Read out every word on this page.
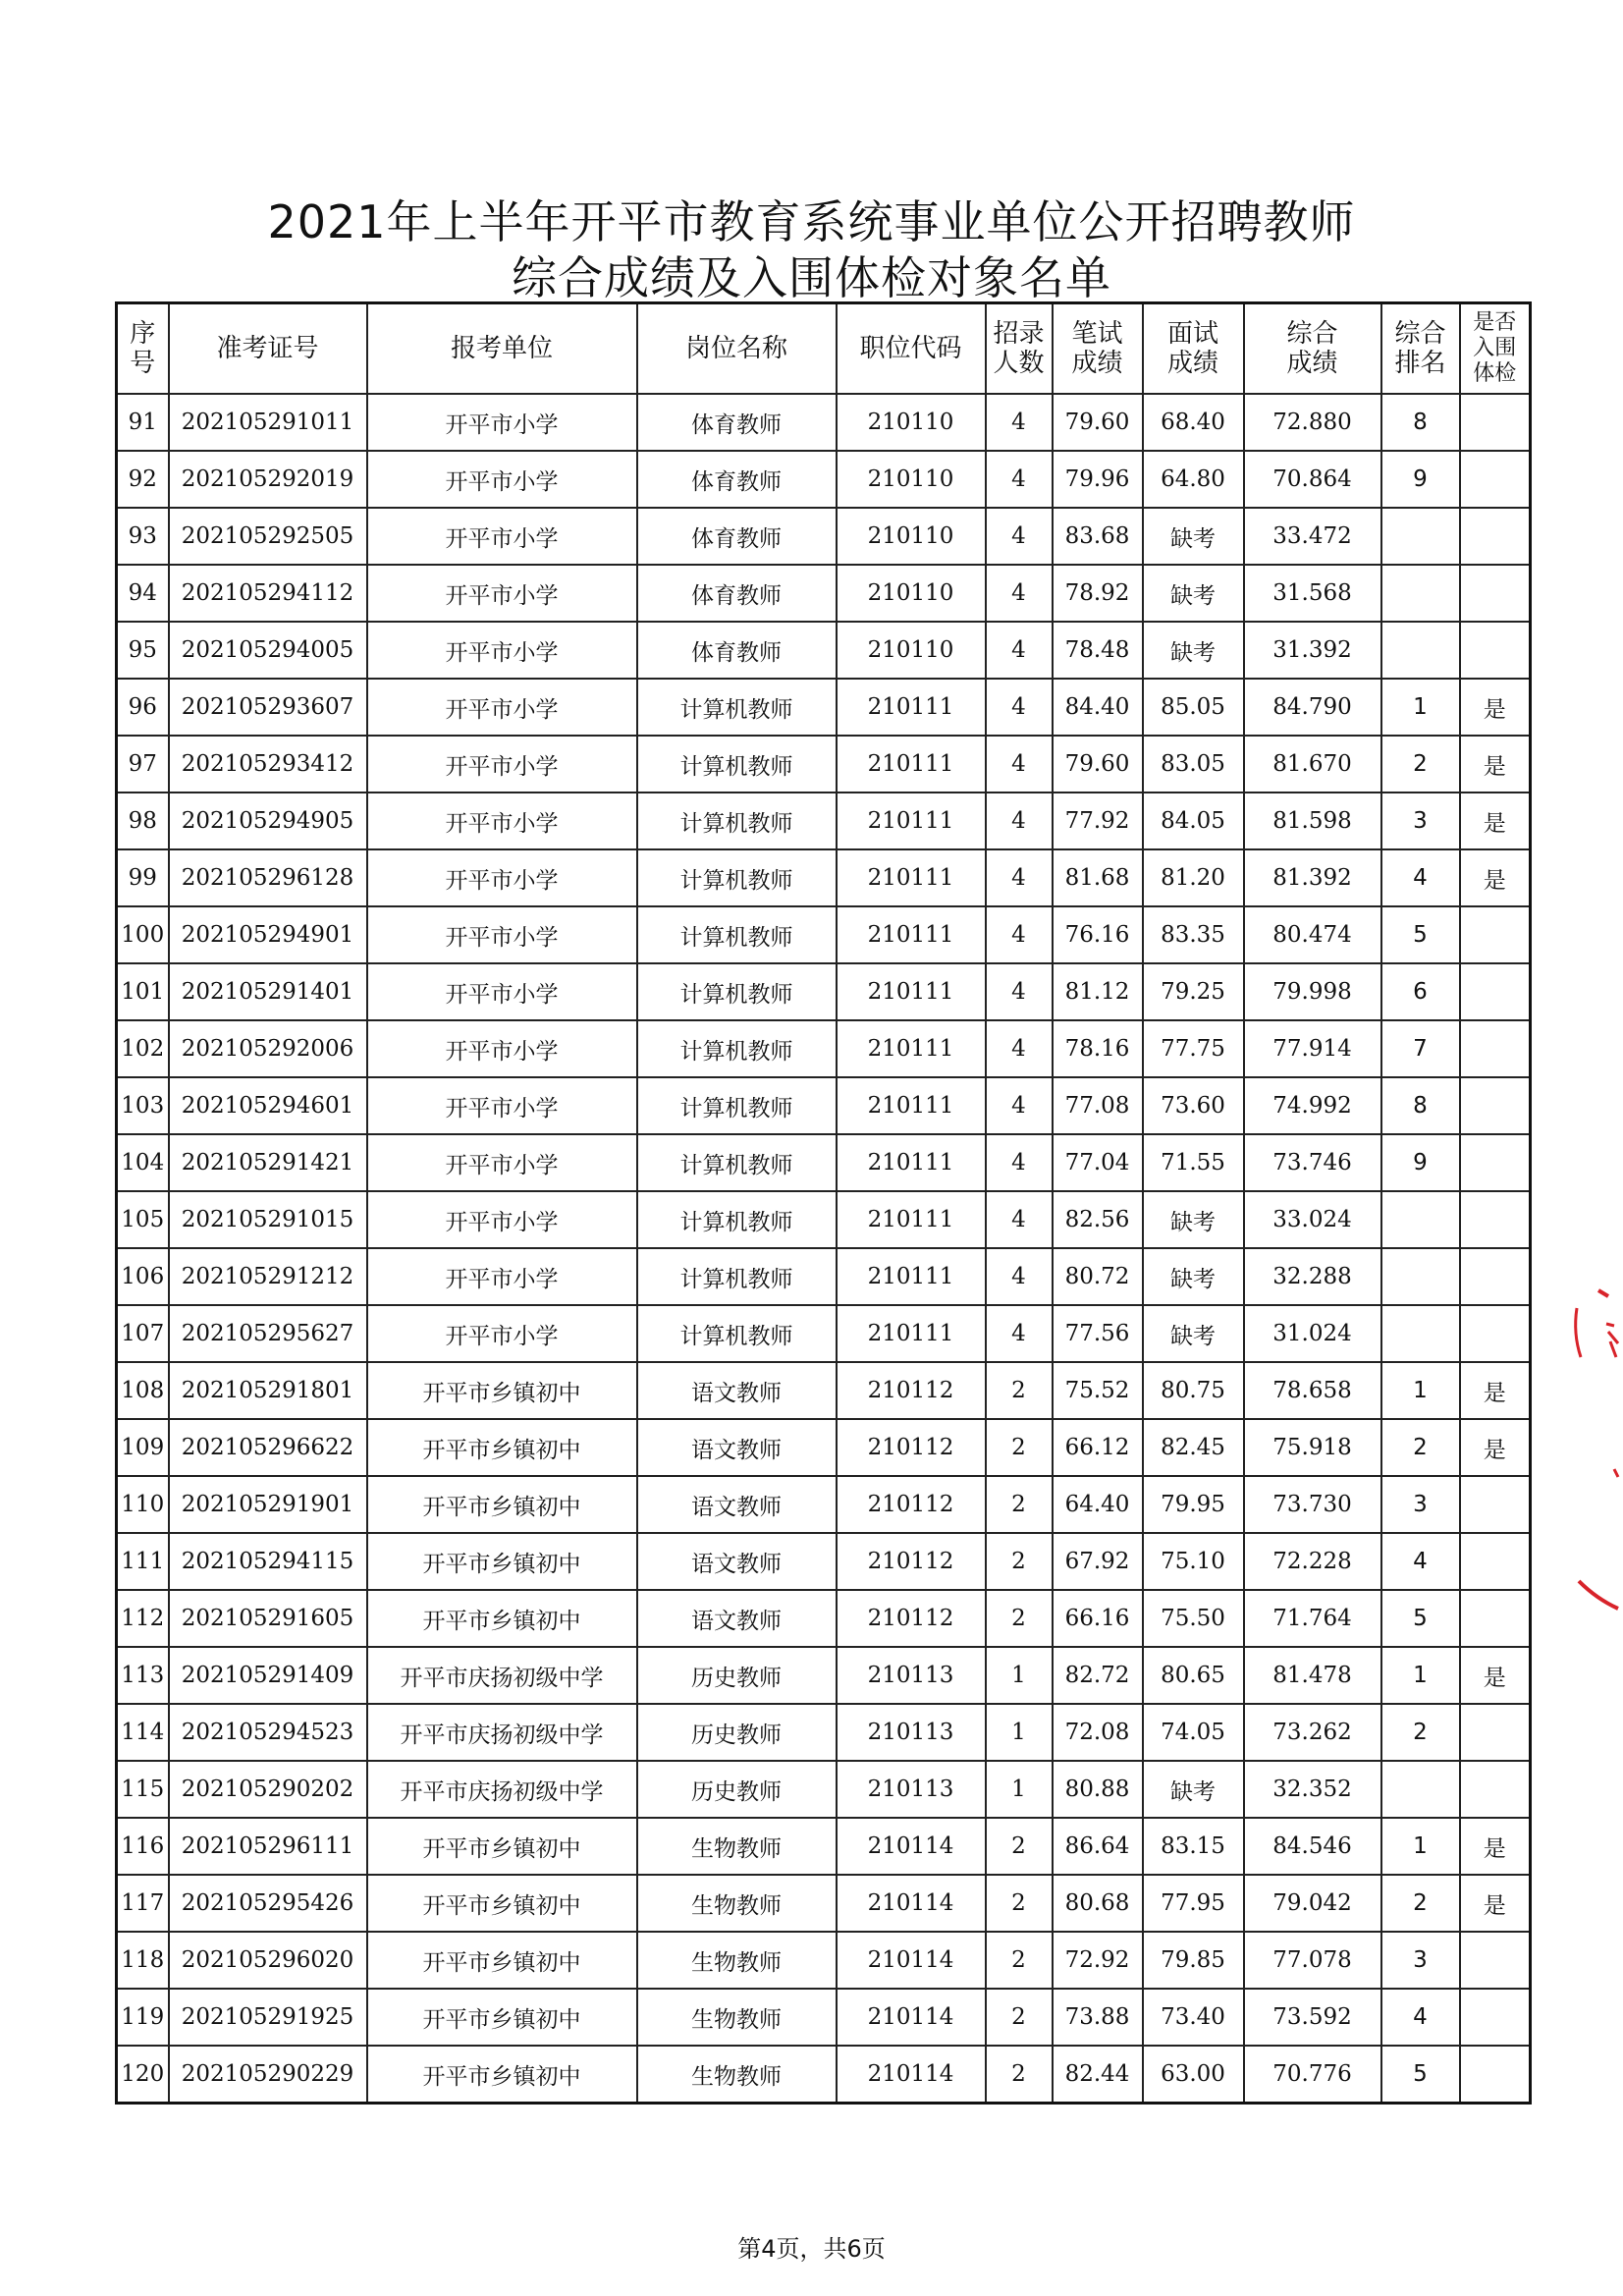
2021年上半年开平市教育系统事业单位公开招聘教师
综合成绩及入围体检对象名单
序号	准考证号	报考单位	岗位名称	职位代码	招录人数	笔试成绩	面试成绩	综合成绩	综合排名	是否入围体检
91	202105291011	开平市小学	体育教师	210110	4	79.60	68.40	72.880	8	
92	202105292019	开平市小学	体育教师	210110	4	79.96	64.80	70.864	9	
93	202105292505	开平市小学	体育教师	210110	4	83.68	缺考	33.472		
94	202105294112	开平市小学	体育教师	210110	4	78.92	缺考	31.568		
95	202105294005	开平市小学	体育教师	210110	4	78.48	缺考	31.392		
96	202105293607	开平市小学	计算机教师	210111	4	84.40	85.05	84.790	1	是
97	202105293412	开平市小学	计算机教师	210111	4	79.60	83.05	81.670	2	是
98	202105294905	开平市小学	计算机教师	210111	4	77.92	84.05	81.598	3	是
99	202105296128	开平市小学	计算机教师	210111	4	81.68	81.20	81.392	4	是
100	202105294901	开平市小学	计算机教师	210111	4	76.16	83.35	80.474	5	
101	202105291401	开平市小学	计算机教师	210111	4	81.12	79.25	79.998	6	
102	202105292006	开平市小学	计算机教师	210111	4	78.16	77.75	77.914	7	
103	202105294601	开平市小学	计算机教师	210111	4	77.08	73.60	74.992	8	
104	202105291421	开平市小学	计算机教师	210111	4	77.04	71.55	73.746	9	
105	202105291015	开平市小学	计算机教师	210111	4	82.56	缺考	33.024		
106	202105291212	开平市小学	计算机教师	210111	4	80.72	缺考	32.288		
107	202105295627	开平市小学	计算机教师	210111	4	77.56	缺考	31.024		
108	202105291801	开平市乡镇初中	语文教师	210112	2	75.52	80.75	78.658	1	是
109	202105296622	开平市乡镇初中	语文教师	210112	2	66.12	82.45	75.918	2	是
110	202105291901	开平市乡镇初中	语文教师	210112	2	64.40	79.95	73.730	3	
111	202105294115	开平市乡镇初中	语文教师	210112	2	67.92	75.10	72.228	4	
112	202105291605	开平市乡镇初中	语文教师	210112	2	66.16	75.50	71.764	5	
113	202105291409	开平市庆扬初级中学	历史教师	210113	1	82.72	80.65	81.478	1	是
114	202105294523	开平市庆扬初级中学	历史教师	210113	1	72.08	74.05	73.262	2	
115	202105290202	开平市庆扬初级中学	历史教师	210113	1	80.88	缺考	32.352		
116	202105296111	开平市乡镇初中	生物教师	210114	2	86.64	83.15	84.546	1	是
117	202105295426	开平市乡镇初中	生物教师	210114	2	80.68	77.95	79.042	2	是
118	202105296020	开平市乡镇初中	生物教师	210114	2	72.92	79.85	77.078	3	
119	202105291925	开平市乡镇初中	生物教师	210114	2	73.88	73.40	73.592	4	
120	202105290229	开平市乡镇初中	生物教师	210114	2	82.44	63.00	70.776	5	
第4页，共6页
